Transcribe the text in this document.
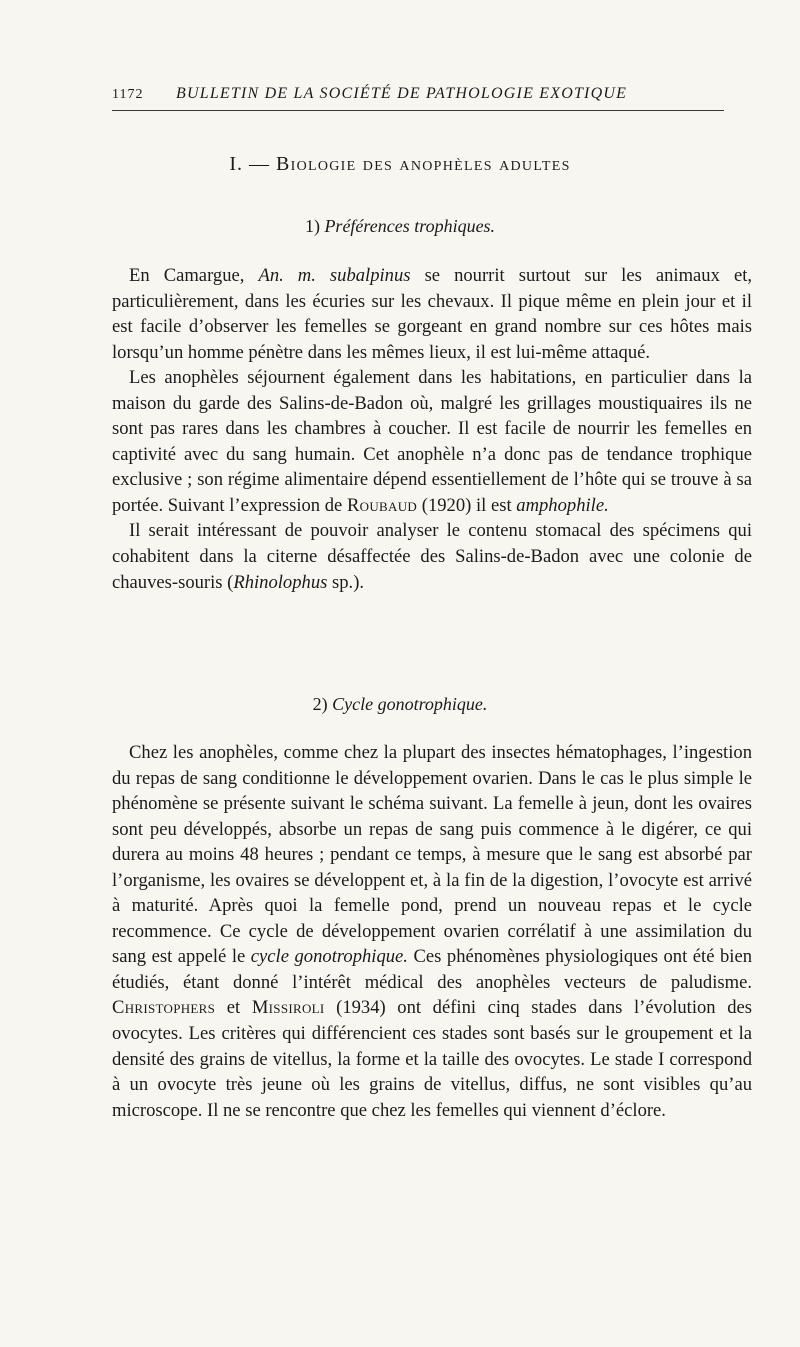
1172 BULLETIN DE LA SOCIÉTÉ DE PATHOLOGIE EXOTIQUE
I. — Biologie des anophèles adultes
1) Préférences trophiques.

En Camargue, An. m. subalpinus se nourrit surtout sur les animaux et, particulièrement, dans les écuries sur les chevaux. Il pique même en plein jour et il est facile d’observer les femelles se gorgeant en grand nombre sur ces hôtes mais lorsqu’un homme pénètre dans les mêmes lieux, il est lui-même attaqué.

Les anophèles séjournent également dans les habitations, en particulier dans la maison du garde des Salins-de-Badon où, malgré les grillages moustiquaires ils ne sont pas rares dans les chambres à coucher. Il est facile de nourrir les femelles en captivité avec du sang humain. Cet anophèle n’a donc pas de tendance trophique exclusive ; son régime alimentaire dépend essentiellement de l’hôte qui se trouve à sa portée. Suivant l’expression de Roubaud (1920) il est amphophile.

Il serait intéressant de pouvoir analyser le contenu stomacal des spécimens qui cohabitent dans la citerne désaffectée des Salins-de-Badon avec une colonie de chauves-souris (Rhinolophus sp.).

2) Cycle gonotrophique.

Chez les anophèles, comme chez la plupart des insectes hématophages, l’ingestion du repas de sang conditionne le développement ovarien. Dans le cas le plus simple le phénomène se présente suivant le schéma suivant. La femelle à jeun, dont les ovaires sont peu développés, absorbe un repas de sang puis commence à le digérer, ce qui durera au moins 48 heures ; pendant ce temps, à mesure que le sang est absorbé par l’organisme, les ovaires se développent et, à la fin de la digestion, l’ovocyte est arrivé à maturité. Après quoi la femelle pond, prend un nouveau repas et le cycle recommence. Ce cycle de développement ovarien corrélatif à une assimilation du sang est appelé le cycle gonotrophique. Ces phénomènes physiologiques ont été bien étudiés, étant donné l’intérêt médical des anophèles vecteurs de paludisme. Christophers et Missiroli (1934) ont défini cinq stades dans l’évolution des ovocytes. Les critères qui différencient ces stades sont basés sur le groupement et la densité des grains de vitellus, la forme et la taille des ovocytes. Le stade I correspond à un ovocyte très jeune où les grains de vitellus, diffus, ne sont visibles qu’au microscope. Il ne se rencontre que chez les femelles qui viennent d’éclore.
